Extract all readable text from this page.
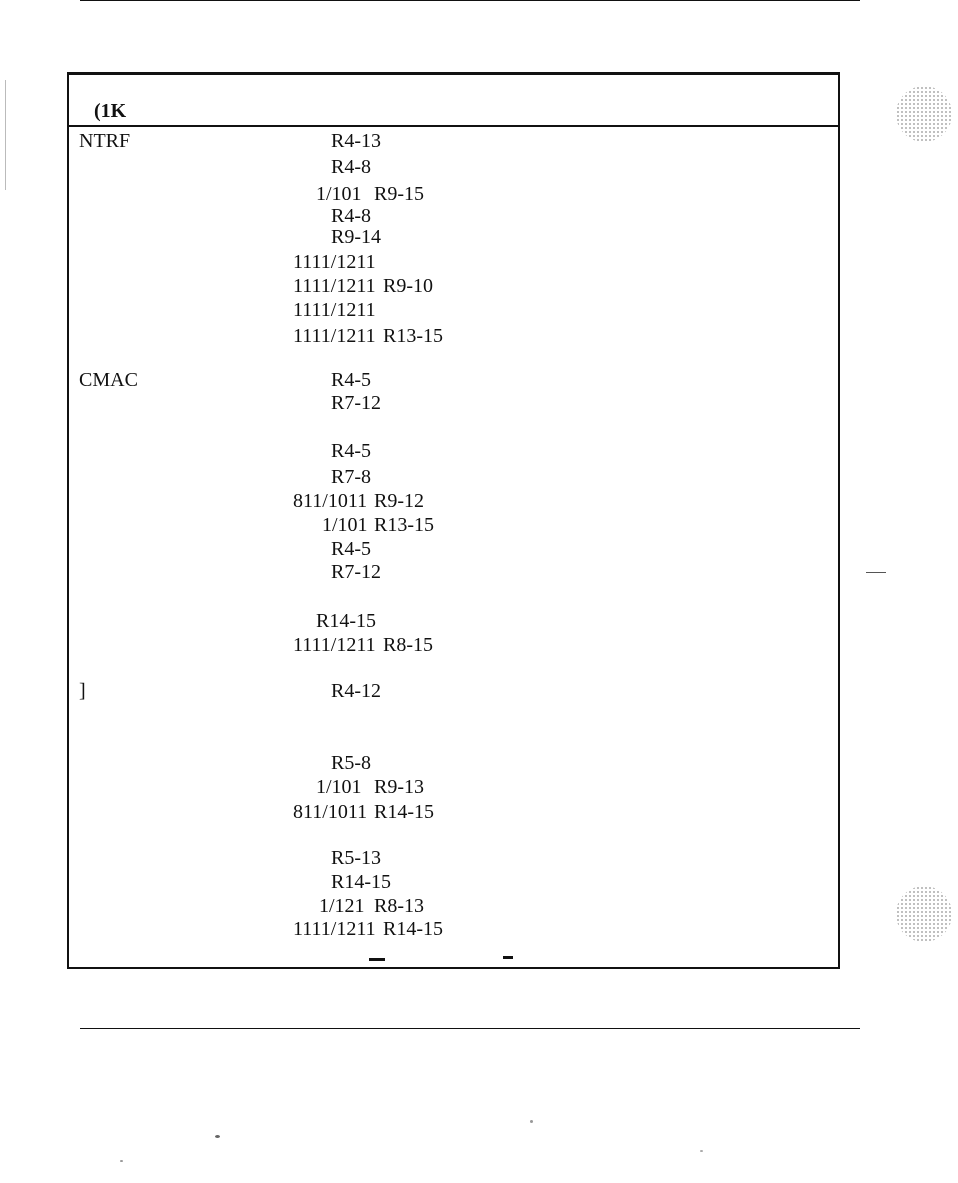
(1K
NTRF	R4-13
R4-8
1/101 R9-15
R4-8
R9-14
1111/1211
1111/1211 R9-10
1111/1211
1111/1211 R13-15
CMAC	R4-5
R7-12
R4-5
R7-8
811/1011 R9-12
1/101 R13-15
R4-5
R7-12
R14-15
1111/1211 R8-15
]	R4-12
R5-8
1/101 R9-13
811/1011 R14-15
R5-13
R14-15
1/121 R8-13
1111/1211 R14-15
